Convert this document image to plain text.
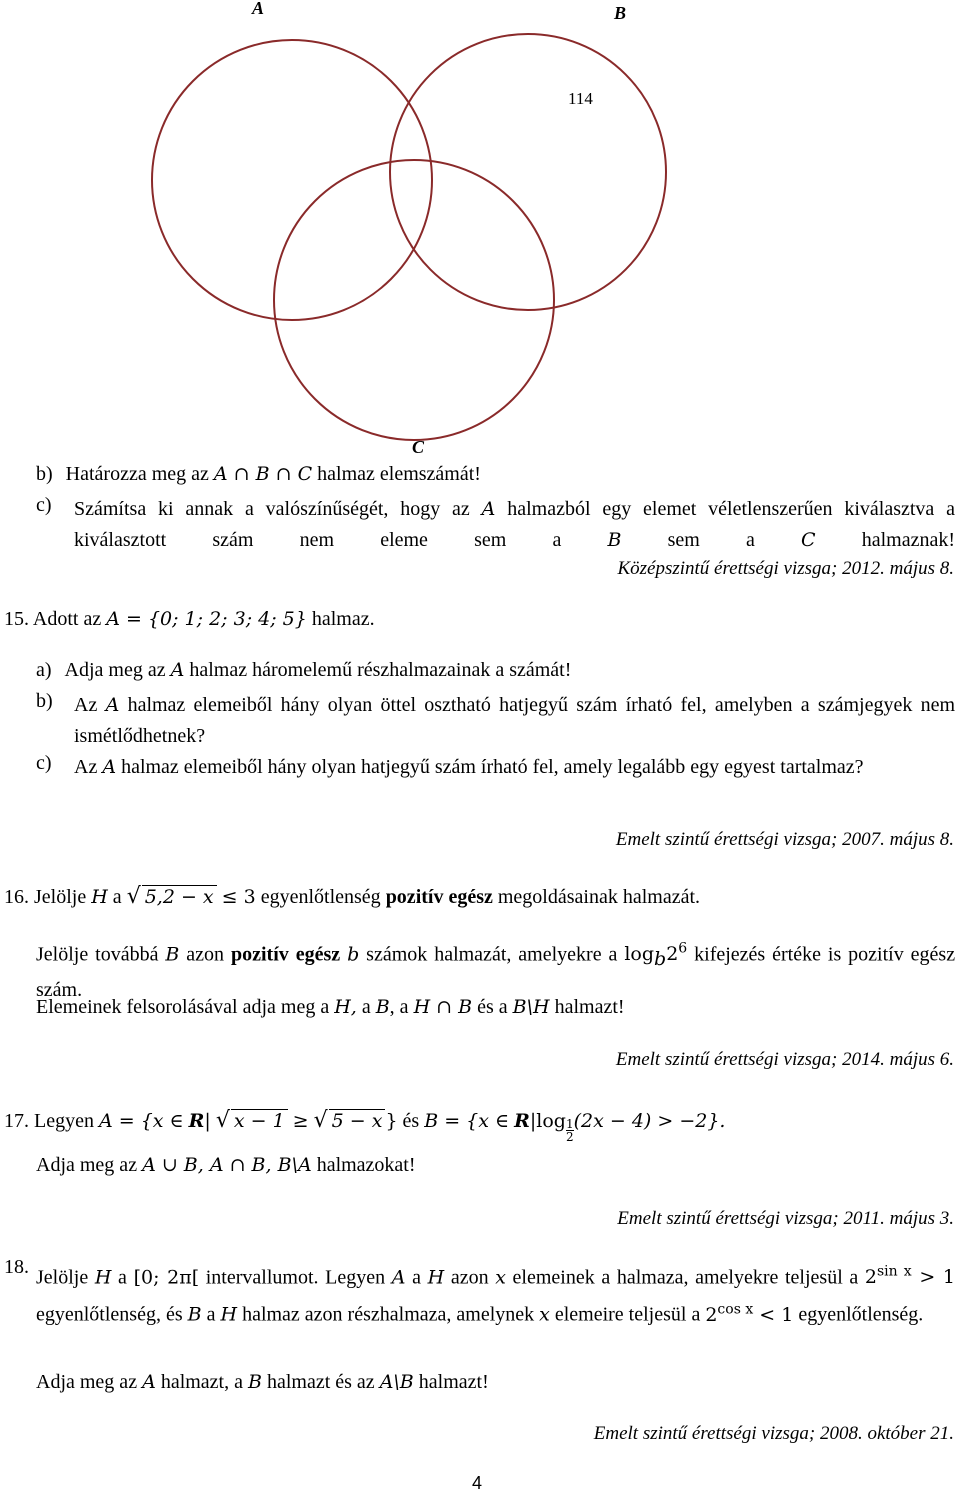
A	B
C
114
b) Határozza meg az A ∩ B ∩ C halmaz elemszámát!
c) Számítsa ki annak a valószínűségét, hogy az A halmazból egy elemet véletlenszerűen kiválasztva a kiválasztott szám nem eleme sem a B sem a C halmaznak!
Középszintű érettségi vizsga; 2012. május 8.
15. Adott az A = {0; 1; 2; 3; 4; 5} halmaz.
a) Adja meg az A halmaz háromelemű részhalmazainak a számát!
b) Az A halmaz elemeiből hány olyan öttel osztható hatjegyű szám írható fel, amelyben a számjegyek nem ismétlődhetnek?
c) Az A halmaz elemeiből hány olyan hatjegyű szám írható fel, amely legalább egy egyest tartalmaz?
Emelt szintű érettségi vizsga; 2007. május 8.
16. Jelölje H a √ 5,2 − x ≤ 3 egyenlőtlenség pozitív egész megoldásainak halmazát.
Jelölje továbbá B azon pozitív egész b számok halmazát, amelyekre a $\log_b2^6$ kifejezés értéke is pozitív egész szám.
Elemeinek felsorolásával adja meg a H, a B, a H ∩ B és a B\H halmazt!
Emelt szintű érettségi vizsga; 2014. május 6.
17. Legyen A = {x ∈ R| √ x − 1 ≥ √ 5 − x } és B = {x ∈ $R|\log \frac{1}{2} (2x - 4) > -2$}.
Adja meg az A ∪ B, A ∩ B, B\A halmazokat!
Emelt szintű érettségi vizsga; 2011. május 3.
18. Jelölje H a [0; 2π[ intervallumot. Legyen A a H azon x elemeinek a halmaza, amelyekre teljesül a $2^{sin x} > 1$ egyenlőtlenség, és B a H halmaz azon részhalmaza, amelynek x elemeire teljesül a $2^{cos x} < 1$ egyenlőtlenség.
Adja meg az A halmazt, a B halmazt és az A\B halmazt!
Emelt szintű érettségi vizsga; 2008. október 21.
4
